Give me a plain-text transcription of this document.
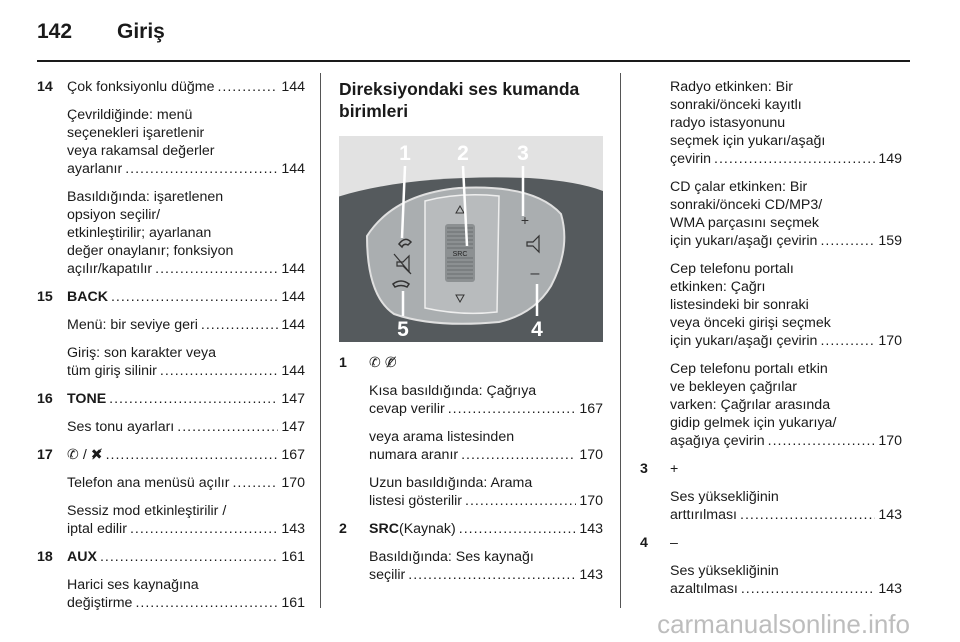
142 Giriş
14 Çok fonksiyonlu düğme .....	144
Çevrildiğinde: menü
seçenekleri işaretlenir
veya rakamsal değerler
ayarlanır .....	144
Basıldığında: işaretlenen
opsiyon seçilir/
etkinleştirilir; ayarlanan
değer onaylanır; fonksiyon
açılır/kapatılır .....	144
15 BACK .....	144
Menü: bir seviye geri .....	144
Giriş: son karakter veya
tüm giriş silinir .....	144
16 TONE .....	147
Ses tonu ayarları .....	147
17 ✆ / ✖̸ .....	167
Telefon ana menüsü açılır .....	170
Sessiz mod etkinleştirilir /
iptal edilir .....	143
18 AUX .....	161
Harici ses kaynağına
değiştirme .....	161
Direksiyondaki ses kumanda
birimleri
SRC
+
–
1 2 3
4
5
1 ✆ ✆̸
Kısa basıldığında: Çağrıya
cevap verilir .....	167
veya arama listesinden
numara aranır .....	170
Uzun basıldığında: Arama
listesi gösterilir .....	170
2 SRC (Kaynak) .....	143
Basıldığında: Ses kaynağı
seçilir .....	143
Radyo etkinken: Bir
sonraki/önceki kayıtlı
radyo istasyonunu
seçmek için yukarı/aşağı
çevirin .....	149
CD çalar etkinken: Bir
sonraki/önceki CD/MP3/
WMA parçasını seçmek
için yukarı/aşağı çevirin .....	159
Cep telefonu portalı
etkinken: Çağrı
listesindeki bir sonraki
veya önceki girişi seçmek
için yukarı/aşağı çevirin .....	170
Cep telefonu portalı etkin
ve bekleyen çağrılar
varken: Çağrılar arasında
gidip gelmek için yukarıya/
aşağıya çevirin .....	170
3 +
Ses yüksekliğinin
arttırılması .....	143
4 –
Ses yüksekliğinin
azaltılması .....	143
carmanualsonline.info
